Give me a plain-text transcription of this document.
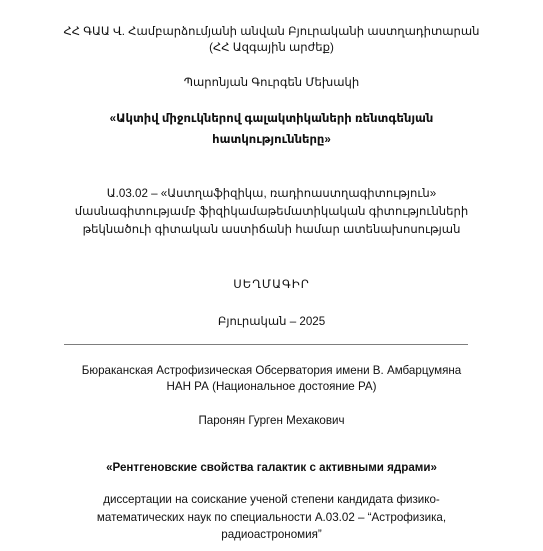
ՀՀ ԳԱԱ Վ. Համբարձումյանի անվան Բյուրականի աստղադիտարան
(ՀՀ Ազգային արժեք)
Պարոնյան Գուրգեն Մեխակի
«Ակտիվ միջուկներով գալակտիկաների ռենտգենյան
հատկությունները»
Ա.03.02 – «Աստղաֆիզիկա, ռադիոաստղագիտություն»
մասնագիտությամբ ֆիզիկամաթեմատիկական գիտությունների
թեկնածուի գիտական աստիճանի համար ատենախոսության
ՍԵՂՄԱԳԻՐ
Բյուրական – 2025
Бюраканская Астрофизическая Обсерватория имени В. Амбарцумяна
НАН РА (Национальное достояние РА)
Паронян Гурген Мехакович
«Рентгеновские свойства галактик с активными ядрами»
диссертации на соискание ученой степени кандидата физико-
математических наук по специальности А.03.02 – “Астрофизика,
радиоастрономия”
